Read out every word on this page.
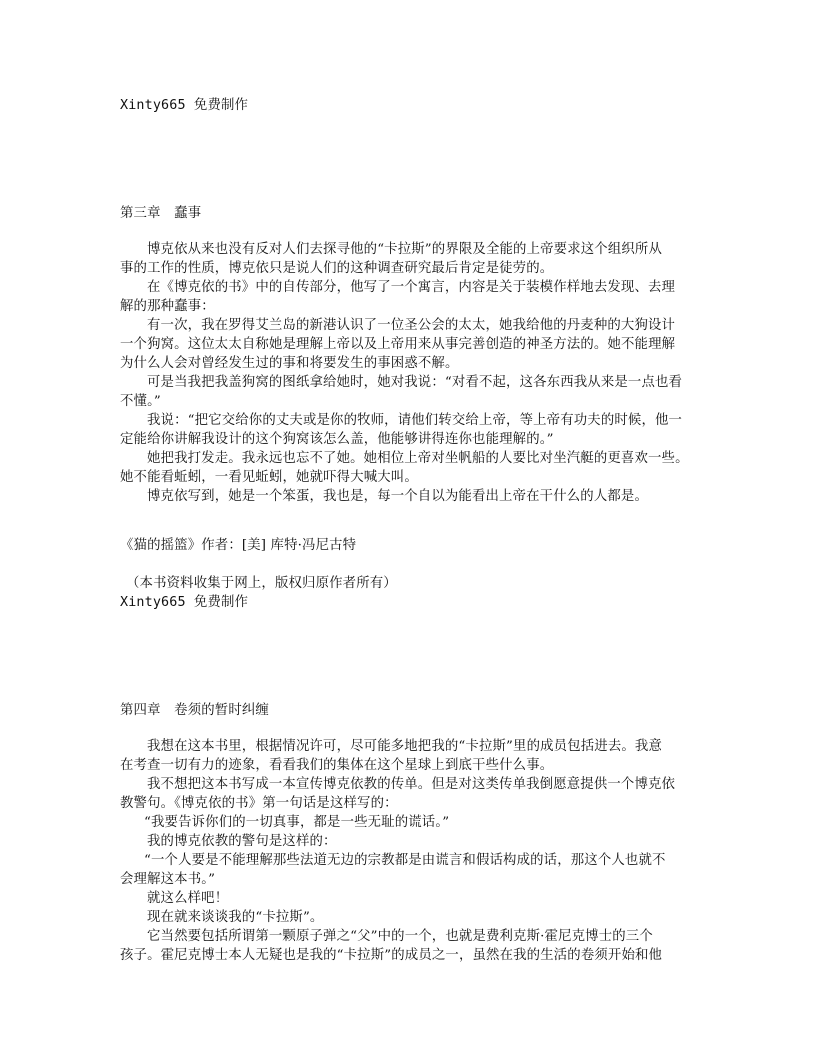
Xinty665 免费制作
第三章　蠢事
博克依从来也没有反对人们去探寻他的“卡拉斯”的界限及全能的上帝要求这个组织所从
事的工作的性质，博克依只是说人们的这种调查研究最后肯定是徒劳的。
在《博克依的书》中的自传部分，他写了一个寓言，内容是关于装模作样地去发现、去理
解的那种蠢事：
有一次，我在罗得艾兰岛的新港认识了一位圣公会的太太，她我给他的丹麦种的大狗设计
一个狗窝。这位太太自称她是理解上帝以及上帝用来从事完善创造的神圣方法的。她不能理解
为什么人会对曾经发生过的事和将要发生的事困惑不解。
可是当我把我盖狗窝的图纸拿给她时，她对我说：“对看不起，这各东西我从来是一点也看
不懂。”
我说：“把它交给你的丈夫或是你的牧师，请他们转交给上帝，等上帝有功夫的时候，他一
定能给你讲解我设计的这个狗窝该怎么盖，他能够讲得连你也能理解的。”
她把我打发走。我永远也忘不了她。她相位上帝对坐帆船的人要比对坐汽艇的更喜欢一些。
她不能看蚯蚓，一看见蚯蚓，她就吓得大喊大叫。
博克依写到，她是一个笨蛋，我也是，每一个自以为能看出上帝在干什么的人都是。
《猫的摇篮》作者：[美] 库特·冯尼古特
（本书资料收集于网上，版权归原作者所有）
Xinty665 免费制作
第四章　卷须的暂时纠缠
我想在这本书里，根据情况许可，尽可能多地把我的“卡拉斯”里的成员包括进去。我意
在考查一切有力的迹象，看看我们的集体在这个星球上到底干些什么事。
我不想把这本书写成一本宣传博克依教的传单。但是对这类传单我倒愿意提供一个博克依
教警句。《博克依的书》第一句话是这样写的：
“我要告诉你们的一切真事，都是一些无耻的谎话。”
我的博克依教的警句是这样的：
“一个人要是不能理解那些法道无边的宗教都是由谎言和假话构成的话，那这个人也就不
会理解这本书。”
就这么样吧！
现在就来谈谈我的“卡拉斯”。
它当然要包括所谓第一颗原子弹之“父”中的一个，也就是费利克斯·霍尼克博士的三个
孩子。霍尼克博士本人无疑也是我的“卡拉斯”的成员之一，虽然在我的生活的卷须开始和他
